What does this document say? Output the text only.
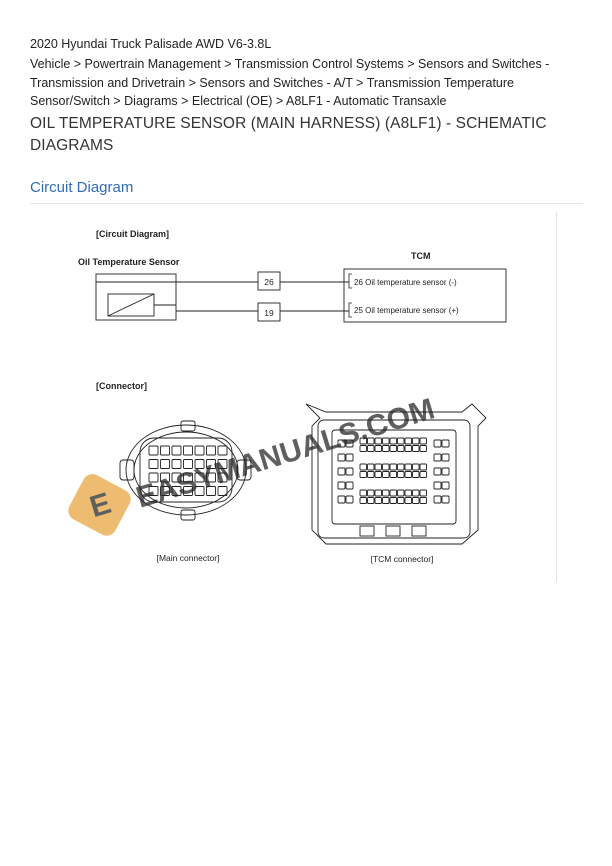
2020 Hyundai Truck Palisade AWD V6-3.8L
Vehicle > Powertrain Management > Transmission Control Systems > Sensors and Switches - Transmission and Drivetrain > Sensors and Switches - A/T > Transmission Temperature Sensor/Switch > Diagrams > Electrical (OE) > A8LF1 - Automatic Transaxle
OIL TEMPERATURE SENSOR (MAIN HARNESS) (A8LF1) - SCHEMATIC DIAGRAMS
Circuit Diagram
[Circuit Diagram]
Oil Temperature Sensor
TCM
26
19
26 Oil temperature sensor (-)
25 Oil temperature sensor (+)
[Connector]
[Main connector]	[TCM connector]
E EASYMANUALS.COM
